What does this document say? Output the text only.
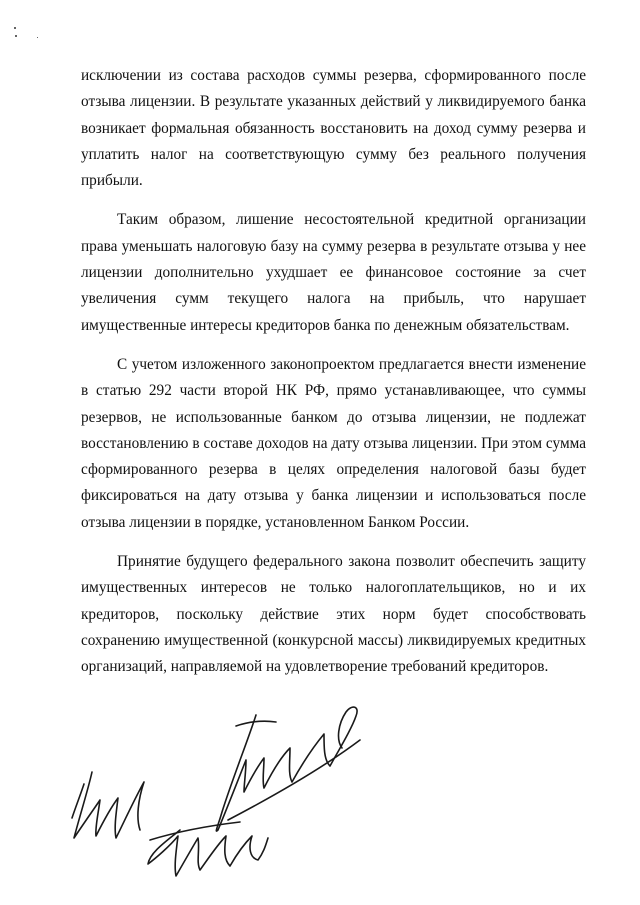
исключении из состава расходов суммы резерва, сформированного после отзыва лицензии. В результате указанных действий у ликвидируемого банка возникает формальная обязанность восстановить на доход сумму резерва и уплатить налог на соответствующую сумму без реального получения прибыли.

Таким образом, лишение несостоятельной кредитной организации права уменьшать налоговую базу на сумму резерва в результате отзыва у нее лицензии дополнительно ухудшает ее финансовое состояние за счет увеличения сумм текущего налога на прибыль, что нарушает имущественные интересы кредиторов банка по денежным обязательствам.

С учетом изложенного законопроектом предлагается внести изменение в статью 292 части второй НК РФ, прямо устанавливающее, что суммы резервов, не использованные банком до отзыва лицензии, не подлежат восстановлению в составе доходов на дату отзыва лицензии. При этом сумма сформированного резерва в целях определения налоговой базы будет фиксироваться на дату отзыва у банка лицензии и использоваться после отзыва лицензии в порядке, установленном Банком России.

Принятие будущего федерального закона позволит обеспечить защиту имущественных интересов не только налогоплательщиков, но и их кредиторов, поскольку действие этих норм будет способствовать сохранению имущественной (конкурсной массы) ликвидируемых кредитных организаций, направляемой на удовлетворение требований кредиторов.
